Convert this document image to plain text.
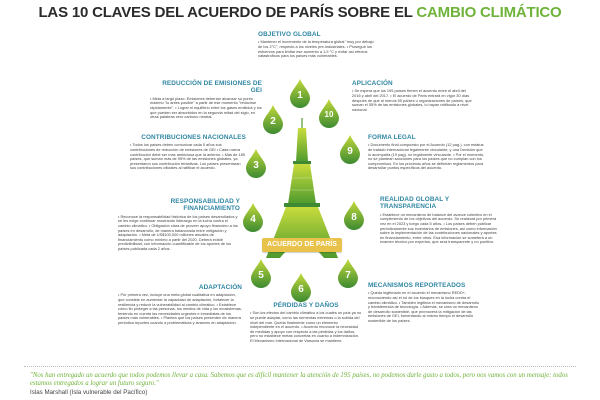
LAS 10 CLAVES DEL ACUERDO DE PARÍS SOBRE EL CAMBIO CLIMÁTICO
OBJETIVO GLOBAL
• Mantener el incremento de la temperatura global "muy por debajo de los 2°C", respecto a los niveles pre-industriales. • Proseguir los esfuerzos para limitar ese aumento a 1,5 °C y evitar así efectos catastróficos para los países más vulnerables.
REDUCCIÓN DE EMISIONES DE GEI
• Meta a largo plazo: Emisiones deberían alcanzar su punto máximo "lo antes posible" a partir de ese momento "reducirse rápidamente". • Lograr el equilibrio entre los gases emitidos y los que pueden ser absorbidos en la segunda mitad del siglo, en otras palabras cero carbono neutral.
CONTRIBUCIONES NACIONALES
• Todos los países deben comunicar cada 5 años sus contribuciones de reducción de emisiones de GEI • Cada nueva contribución debe ser más ambiciosa que la anterior. • Más de 185 países, que suman más de 95% de las emisiones globales, ya presentaron sus contribución tentativas. Los países presentaran sus contribuciones oficiales al ratificar el acuerdo.
RESPONSABILIDAD Y FINANCIAMIENTO
• Reconoce la responsabilidad histórica de los países desarrollados y se les exige continuar mostrando liderazgo en la lucha contra el cambio climático. • Obligación clara de proveer apoyo financiero a los países en desarrollo, de manera balanceada entre mitigación y adaptación. • Meta de US$100,000 millones anuales de financiamiento como mínimo a partir del 2020. Deberá existir predictibilidad, con información cuantificable de los aportes de los países publicada cada 2 años.
ADAPTACIÓN
• Por primera vez, incluye una meta global cualitativa en adaptación, que consiste en aumentar la capacidad de adaptación, fortalecer la resiliencia y reducir la vulnerabilidad al cambio climático. • Establece cómo fin proteger a las personas, los medios de vida y los ecosistemas, teniendo en cuenta las necesidades urgentes e inmediatas de los países más vulnerables. • Plantea que los países presenten de manera periódica reportes cuando a problemáticas y avances en adaptación.
PÉRDIDAS Y DAÑOS
• Son los efectos del cambio climático a los cuales un país ya no se puede adaptar, como las tormentas extremas o la subida del nivel del mar. Queda finalmente como un elemento independiente en el acuerdo. • Acuerdo reconoce la necesidad de medidas y apoyo con respecto a las pérdidas y los daños, pero no establece metas concretas en cuanto a indemnización. El Mecanismo Internacional de Varsovia se mantiene.
MECANISMOS REPORTEADOS
• Queda legitimado en el acuerdo el mecanismo REDD+, reconociendo así el rol de los bosques en la lucha contra el cambio climático. • También legitima el mecanismo de desarrollo y transferencia de tecnología. • Además, se crea un mecanismo de desarrollo sostenible, que promoverá la mitigación de las emisiones de GEI, fomentando al mismo tiempo el desarrollo sostenible de los países.
REALIDAD GLOBAL Y TRANSPARENCIA
• Establece un mecanismo de balance del avance colectivo en el cumplimiento de los objetivos del acuerdo. Se realizará por primera vez en el 2023 y luego cada 5 años. • Los países deben publicar periódicamente sus inventarios de emisiones, así como información sobre la implementación de las contribuciones nacionales y aportes en financiamiento, entre otros. Esa información se someterá a un examen técnico por expertos, que será transparente y no punitivo.
FORMA LEGAL
• Documento final compuesto por el Acuerdo (12 pag.), con estatus de tratado internacional legalmente vinculante, y una Decisión que lo acompaña (19 pag), no legalmente vinculante. • Por el momento, no se plantean sanciones para los países que no cumplan con los compromisos. En los próximos años se definirán reglamentos para desarrollar puntos específicos del acuerdo.
APLICACIÓN
• Se espera que los 195 países firmen el acuerdo entre el abril del 2016 y abril del 2017. • El acuerdo de París entrará en vigor 30 días después de que al menos 55 países u organizaciones de países, que suman el 55% de las emisiones globales, lo hayan ratificado a nivel nacional.
ACUERDO DE PARÍS
1
2
3
4
5
6
7
8
9
10
"Nos han entregado un acuerdo que todos podemos llevar a casa. Sabemos que es difícil mantener la atención de 195 países, no podemos darle gusto a todos, pero nos vamos con un mensaje: todos estamos entregados a lograr un futuro seguro."
Islas Marshall (Isla vulnerable del Pacífico)
